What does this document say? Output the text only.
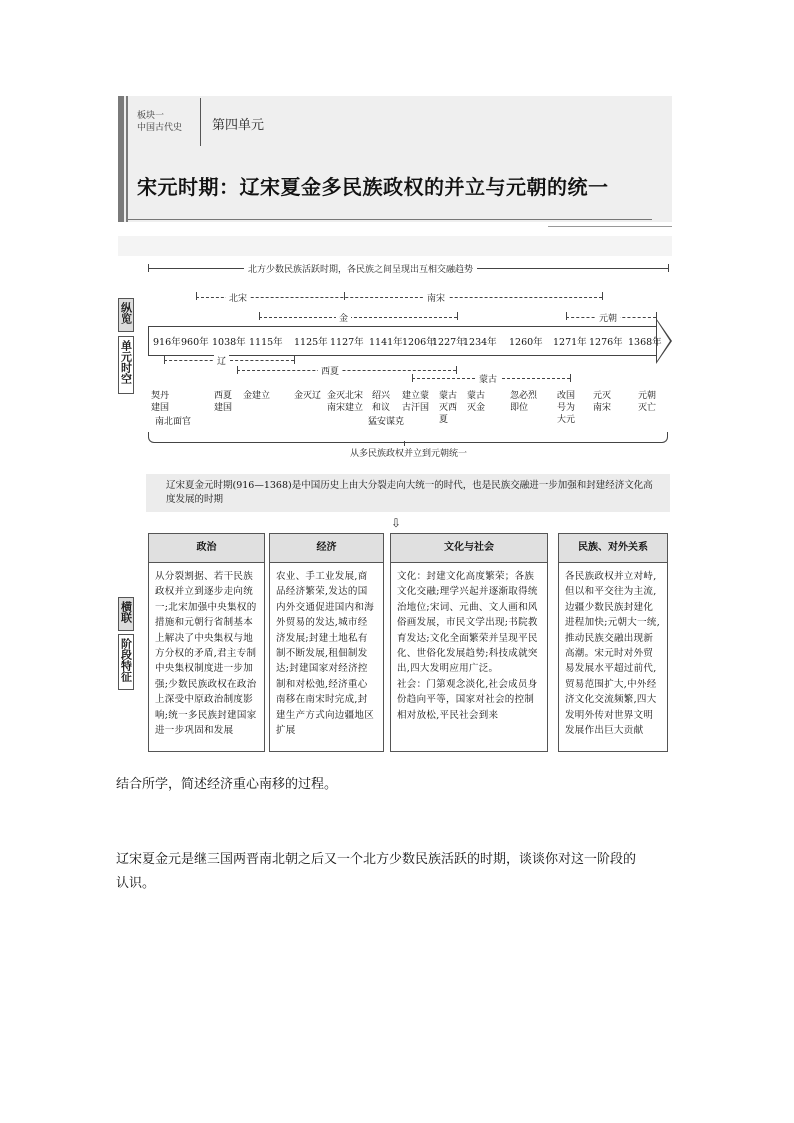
板块一
中国古代史 第四单元
宋元时期：辽宋夏金多民族政权的并立与元朝的统一
纵览
单元时空
横联
阶段特征
北方少数民族活跃时期，各民族之间呈现出互相交融趋势
北宋	南宋
金	元朝
916年 960年 1038年 1115年 1125年 1127年 1141年 1206年
1227年
1234年 1260年 1271年 1276年 1368年
辽
西夏
蒙古
契丹
建国
南北面官
西夏
建国
金建立	金灭辽 金灭北宋
南宋建立
绍兴
和议
猛安谋克
建立蒙
古汗国
蒙古
灭西
夏
蒙古
灭金
忽必烈
即位
改国
号为
大元
元灭
南宋
元朝
灭亡
从多民族政权并立到元朝统一
辽宋夏金元时期(916—1368)是中国历史上由大分裂走向大统一的时代，也是民族交融进一步加强和封建经济文化高度发展的时期
⇩
政治
从分裂割据、若干民族政权并立到逐步走向统一;北宋加强中央集权的措施和元朝行省制基本上解决了中央集权与地方分权的矛盾,君主专制中央集权制度进一步加强;少数民族政权在政治上深受中原政治制度影响;统一多民族封建国家进一步巩固和发展
经济
农业、手工业发展,商品经济繁荣,发达的国内外交通促进国内和海外贸易的发达,城市经济发展;封建土地私有制不断发展,租佃制发达;封建国家对经济控制和对松弛,经济重心南移在南宋时完成,封建生产方式向边疆地区扩展
文化与社会
文化：封建文化高度繁荣；各族文化交融;理学兴起并逐渐取得统治地位;宋词、元曲、文人画和风俗画发展，市民文学出现;书院教育发达;文化全面繁荣并呈现平民化、世俗化发展趋势;科技成就突出,四大发明应用广泛。
社会：门第观念淡化,社会成员身份趋向平等，国家对社会的控制相对放松,平民社会到来
民族、对外关系
各民族政权并立对峙,但以和平交往为主流,边疆少数民族封建化进程加快;元朝大一统,推动民族交融出现新高潮。宋元时对外贸易发展水平超过前代,贸易范围扩大,中外经济文化交流频繁,四大发明外传对世界文明发展作出巨大贡献
结合所学，简述经济重心南移的过程。
辽宋夏金元是继三国两晋南北朝之后又一个北方少数民族活跃的时期，谈谈你对这一阶段的
认识。
